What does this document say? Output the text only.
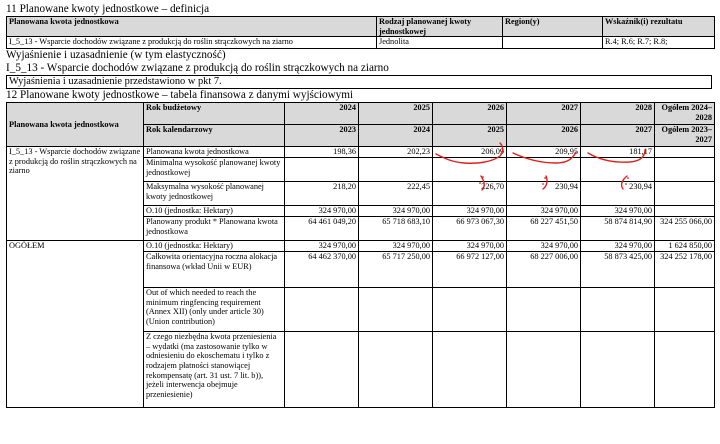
11 Planowane kwoty jednostkowe – definicja

Planowana kwota jednostkowa	Rodzaj planowanej kwoty jednostkowej	Region(y)	Wskaźnik(i) rezultatu
I_5_13 - Wsparcie dochodów związane z produkcją do roślin strączkowych na ziarno	Jednolita		R.4; R.6; R.7; R.8;

Wyjaśnienie i uzasadnienie (w tym elastyczność)

I_5_13 - Wsparcie dochodów związane z produkcją do roślin strączkowych na ziarno

Wyjaśnienia i uzasadnienie przedstawiono w pkt 7.

12 Planowane kwoty jednostkowe – tabela finansowa z danymi wyjściowymi

Planowana kwota jednostkowa	Rok budżetowy	2024	2025	2026	2027	2028	Ogółem 2024–2028
	Rok kalendarzowy	2023	2024	2025	2026	2027	Ogółem 2023–2027
I_5_13 - Wsparcie dochodów związane z produkcją do roślin strączkowych na ziarno	Planowana kwota jednostkowa	198,36	202,23	206,09	209,95	181,17	
	Minimalna wysokość planowanej kwoty jednostkowej						
	Maksymalna wysokość planowanej kwoty jednostkowej	218,20	222,45	226,70	230,94	230,94	
	O.10 (jednostka: Hektary)	324 970,00	324 970,00	324 970,00	324 970,00	324 970,00	
	Planowany produkt * Planowana kwota jednostkowa	64 461 049,20	65 718 683,10	66 973 067,30	68 227 451,50	58 874 814,90	324 255 066,00
OGÓŁEM	O.10 (jednostka: Hektary)	324 970,00	324 970,00	324 970,00	324 970,00	324 970,00	1 624 850,00
	Całkowita orientacyjna roczna alokacja finansowa (wkład Unii w EUR)	64 462 370,00	65 717 250,00	66 972 127,00	68 227 006,00	58 873 425,00	324 252 178,00
	Out of which needed to reach the minimum ringfencing requirement (Annex XII) (only under article 30) (Union contribution)						
	Z czego niezbędna kwota przeniesienia – wydatki (ma zastosowanie tylko w odniesieniu do ekoschematu i tylko z rodzajem płatności stanowiącej rekompensatę (art. 31 ust. 7 lit. b)), jeżeli interwencja obejmuje przeniesienie)						
